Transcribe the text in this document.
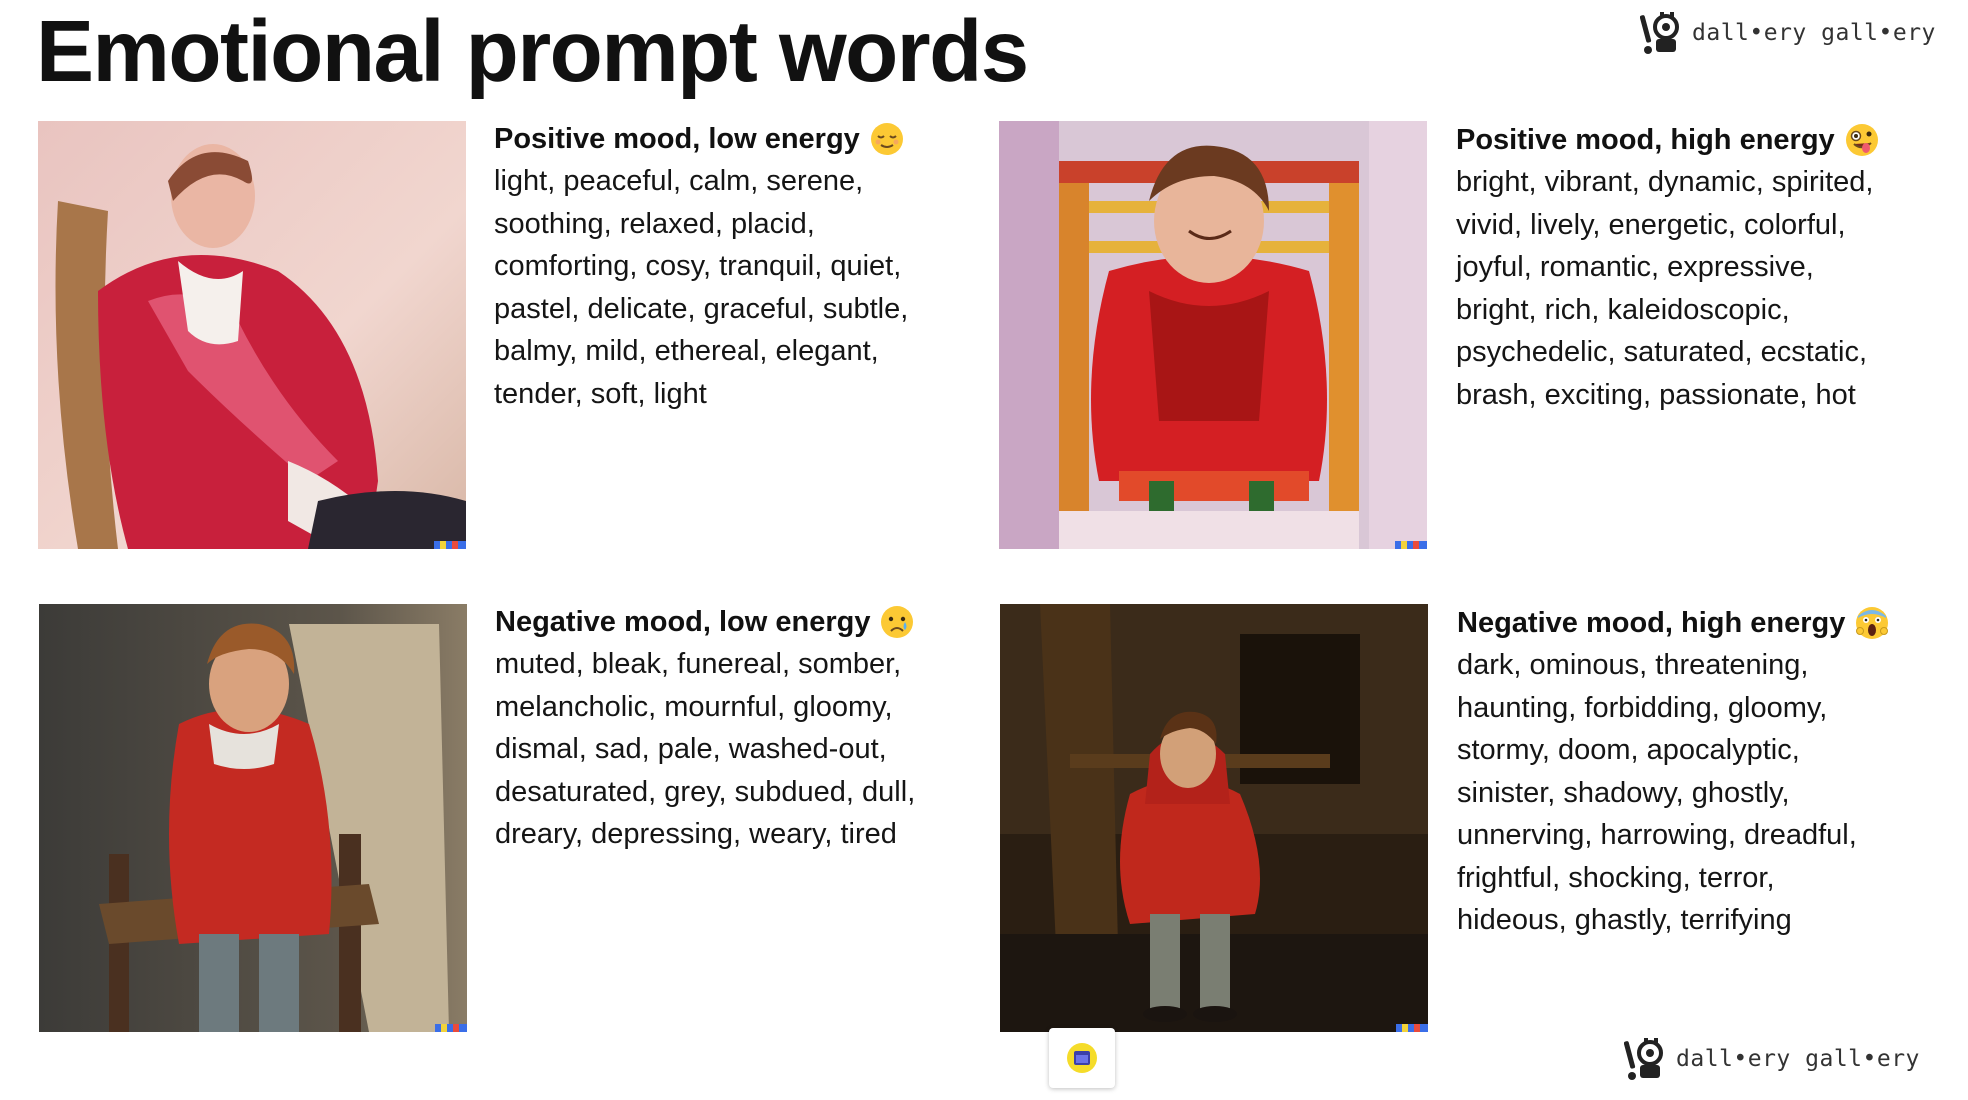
Emotional prompt words	dall•ery gall•ery
Positive mood, low energy
light, peaceful, calm, serene,
soothing, relaxed, placid,
comforting, cosy, tranquil, quiet,
pastel, delicate, graceful, subtle,
balmy, mild, ethereal, elegant,
tender, soft, light
Positive mood, high energy
bright, vibrant, dynamic, spirited,
vivid, lively, energetic, colorful,
joyful, romantic, expressive,
bright, rich, kaleidoscopic,
psychedelic, saturated, ecstatic,
brash, exciting, passionate, hot
Negative mood, low energy
muted, bleak, funereal, somber,
melancholic, mournful, gloomy,
dismal, sad, pale, washed-out,
desaturated, grey, subdued, dull,
dreary, depressing, weary, tired
Negative mood, high energy
dark, ominous, threatening,
haunting, forbidding, gloomy,
stormy, doom, apocalyptic,
sinister, shadowy, ghostly,
unnerving, harrowing, dreadful,
frightful, shocking, terror,
hideous, ghastly, terrifying
dall•ery gall•ery
